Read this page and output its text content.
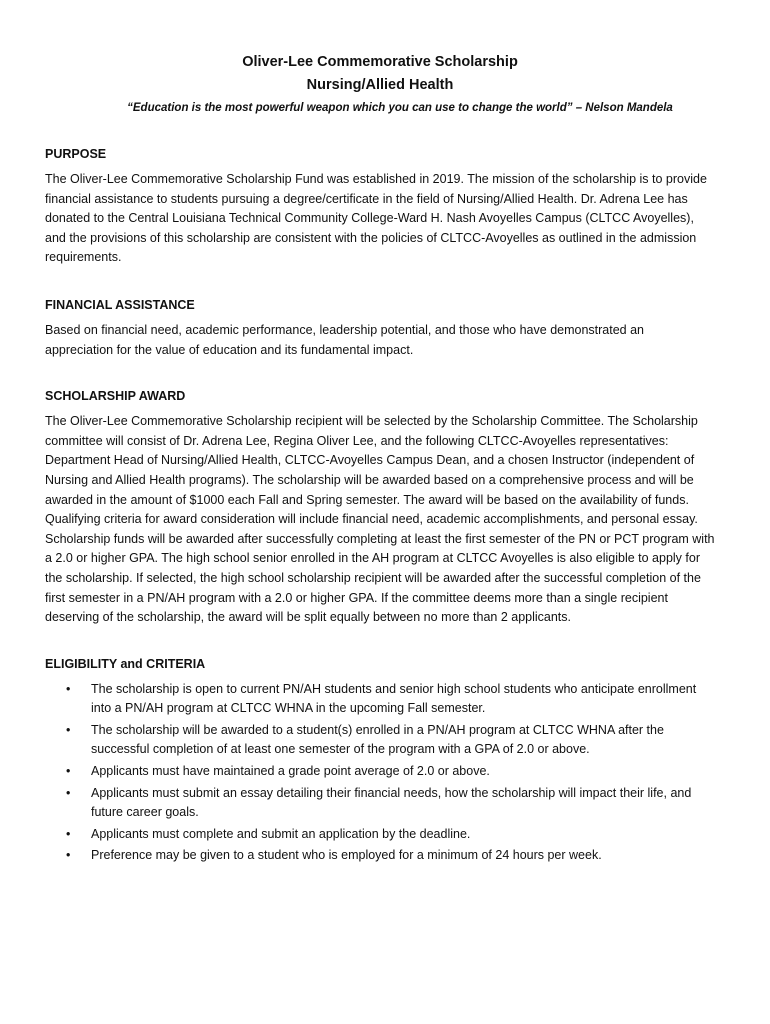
Oliver-Lee Commemorative Scholarship
Nursing/Allied Health
“Education is the most powerful weapon which you can use to change the world” – Nelson Mandela
PURPOSE

The Oliver-Lee Commemorative Scholarship Fund was established in 2019. The mission of the scholarship is to provide financial assistance to students pursuing a degree/certificate in the field of Nursing/Allied Health. Dr. Adrena Lee has donated to the Central Louisiana Technical Community College-Ward H. Nash Avoyelles Campus (CLTCC Avoyelles), and the provisions of this scholarship are consistent with the policies of CLTCC-Avoyelles as outlined in the admission requirements.

FINANCIAL ASSISTANCE

Based on financial need, academic performance, leadership potential, and those who have demonstrated an appreciation for the value of education and its fundamental impact.

SCHOLARSHIP AWARD

The Oliver-Lee Commemorative Scholarship recipient will be selected by the Scholarship Committee. The Scholarship committee will consist of Dr. Adrena Lee, Regina Oliver Lee, and the following CLTCC-Avoyelles representatives: Department Head of Nursing/Allied Health, CLTCC-Avoyelles Campus Dean, and a chosen Instructor (independent of Nursing and Allied Health programs). The scholarship will be awarded based on a comprehensive process and will be awarded in the amount of $1000 each Fall and Spring semester. The award will be based on the availability of funds. Qualifying criteria for award consideration will include financial need, academic accomplishments, and personal essay. Scholarship funds will be awarded after successfully completing at least the first semester of the PN or PCT program with a 2.0 or higher GPA. The high school senior enrolled in the AH program at CLTCC Avoyelles is also eligible to apply for the scholarship. If selected, the high school scholarship recipient will be awarded after the successful completion of the first semester in a PN/AH program with a 2.0 or higher GPA. If the committee deems more than a single recipient deserving of the scholarship, the award will be split equally between no more than 2 applicants.

ELIGIBILITY and CRITERIA
• The scholarship is open to current PN/AH students and senior high school students who anticipate enrollment into a PN/AH program at CLTCC WHNA in the upcoming Fall semester.
• The scholarship will be awarded to a student(s) enrolled in a PN/AH program at CLTCC WHNA after the successful completion of at least one semester of the program with a GPA of 2.0 or above.
• Applicants must have maintained a grade point average of 2.0 or above.
• Applicants must submit an essay detailing their financial needs, how the scholarship will impact their life, and future career goals.
• Applicants must complete and submit an application by the deadline.
• Preference may be given to a student who is employed for a minimum of 24 hours per week.
